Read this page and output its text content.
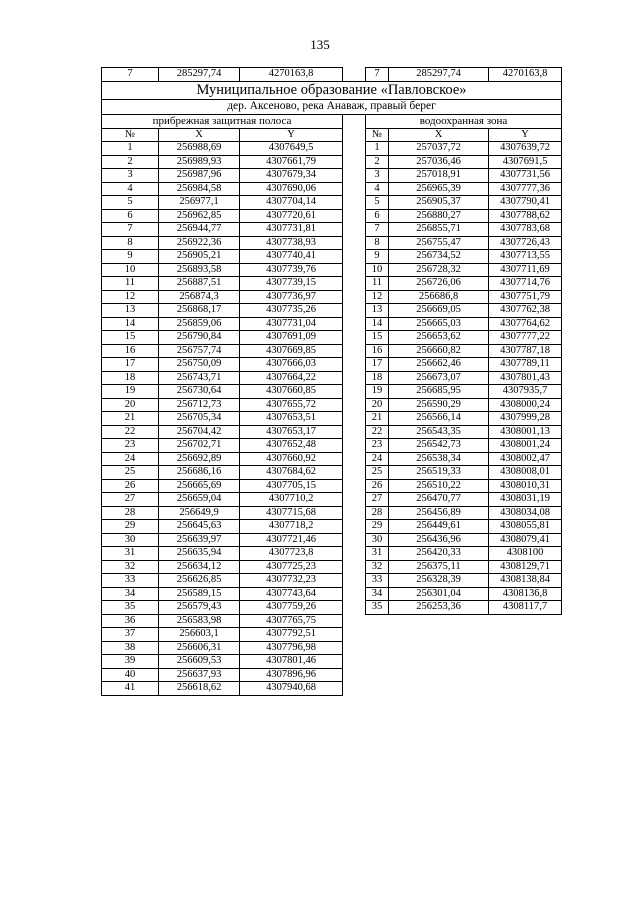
135
7	285297,74	4270163,8		7	285297,74	4270163,8
Муниципальное образование «Павловское»						
дер. Аксеново, река Анаваж, правый берег						
прибрежная защитная полоса				водоохранная зона		
№	X	Y		№	X	Y
1	256988,69	4307649,5		1	257037,72	4307639,72
2	256989,93	4307661,79		2	257036,46	4307691,5
3	256987,96	4307679,34		3	257018,91	4307731,56
4	256984,58	4307690,06		4	256965,39	4307777,36
5	256977,1	4307704,14		5	256905,37	4307790,41
6	256962,85	4307720,61		6	256880,27	4307788,62
7	256944,77	4307731,81		7	256855,71	4307783,68
8	256922,36	4307738,93		8	256755,47	4307726,43
9	256905,21	4307740,41		9	256734,52	4307713,55
10	256893,58	4307739,76		10	256728,32	4307711,69
11	256887,51	4307739,15		11	256726,06	4307714,76
12	256874,3	4307736,97		12	256686,8	4307751,79
13	256868,17	4307735,26		13	256669,05	4307762,38
14	256859,06	4307731,04		14	256665,03	4307764,62
15	256790,84	4307691,09		15	256653,62	4307777,22
16	256757,74	4307669,85		16	256660,82	4307787,18
17	256750,09	4307666,03		17	256662,46	4307789,11
18	256743,71	4307664,22		18	256673,07	4307801,43
19	256730,64	4307660,85		19	256685,95	4307935,7
20	256712,73	4307655,72		20	256590,29	4308000,24
21	256705,34	4307653,51		21	256566,14	4307999,28
22	256704,42	4307653,17		22	256543,35	4308001,13
23	256702,71	4307652,48		23	256542,73	4308001,24
24	256692,89	4307660,92		24	256538,34	4308002,47
25	256686,16	4307684,62		25	256519,33	4308008,01
26	256665,69	4307705,15		26	256510,22	4308010,31
27	256659,04	4307710,2		27	256470,77	4308031,19
28	256649,9	4307715,68		28	256456,89	4308034,08
29	256645,63	4307718,2		29	256449,61	4308055,81
30	256639,97	4307721,46		30	256436,96	4308079,41
31	256635,94	4307723,8		31	256420,33	4308100
32	256634,12	4307725,23		32	256375,11	4308129,71
33	256626,85	4307732,23		33	256328,39	4308138,84
34	256589,15	4307743,64		34	256301,04	4308136,8
35	256579,43	4307759,26		35	256253,36	4308117,7
36	256583,98	4307765,75				
37	256603,1	4307792,51				
38	256606,31	4307796,98				
39	256609,53	4307801,46				
40	256637,93	4307896,96				
41	256618,62	4307940,68				
